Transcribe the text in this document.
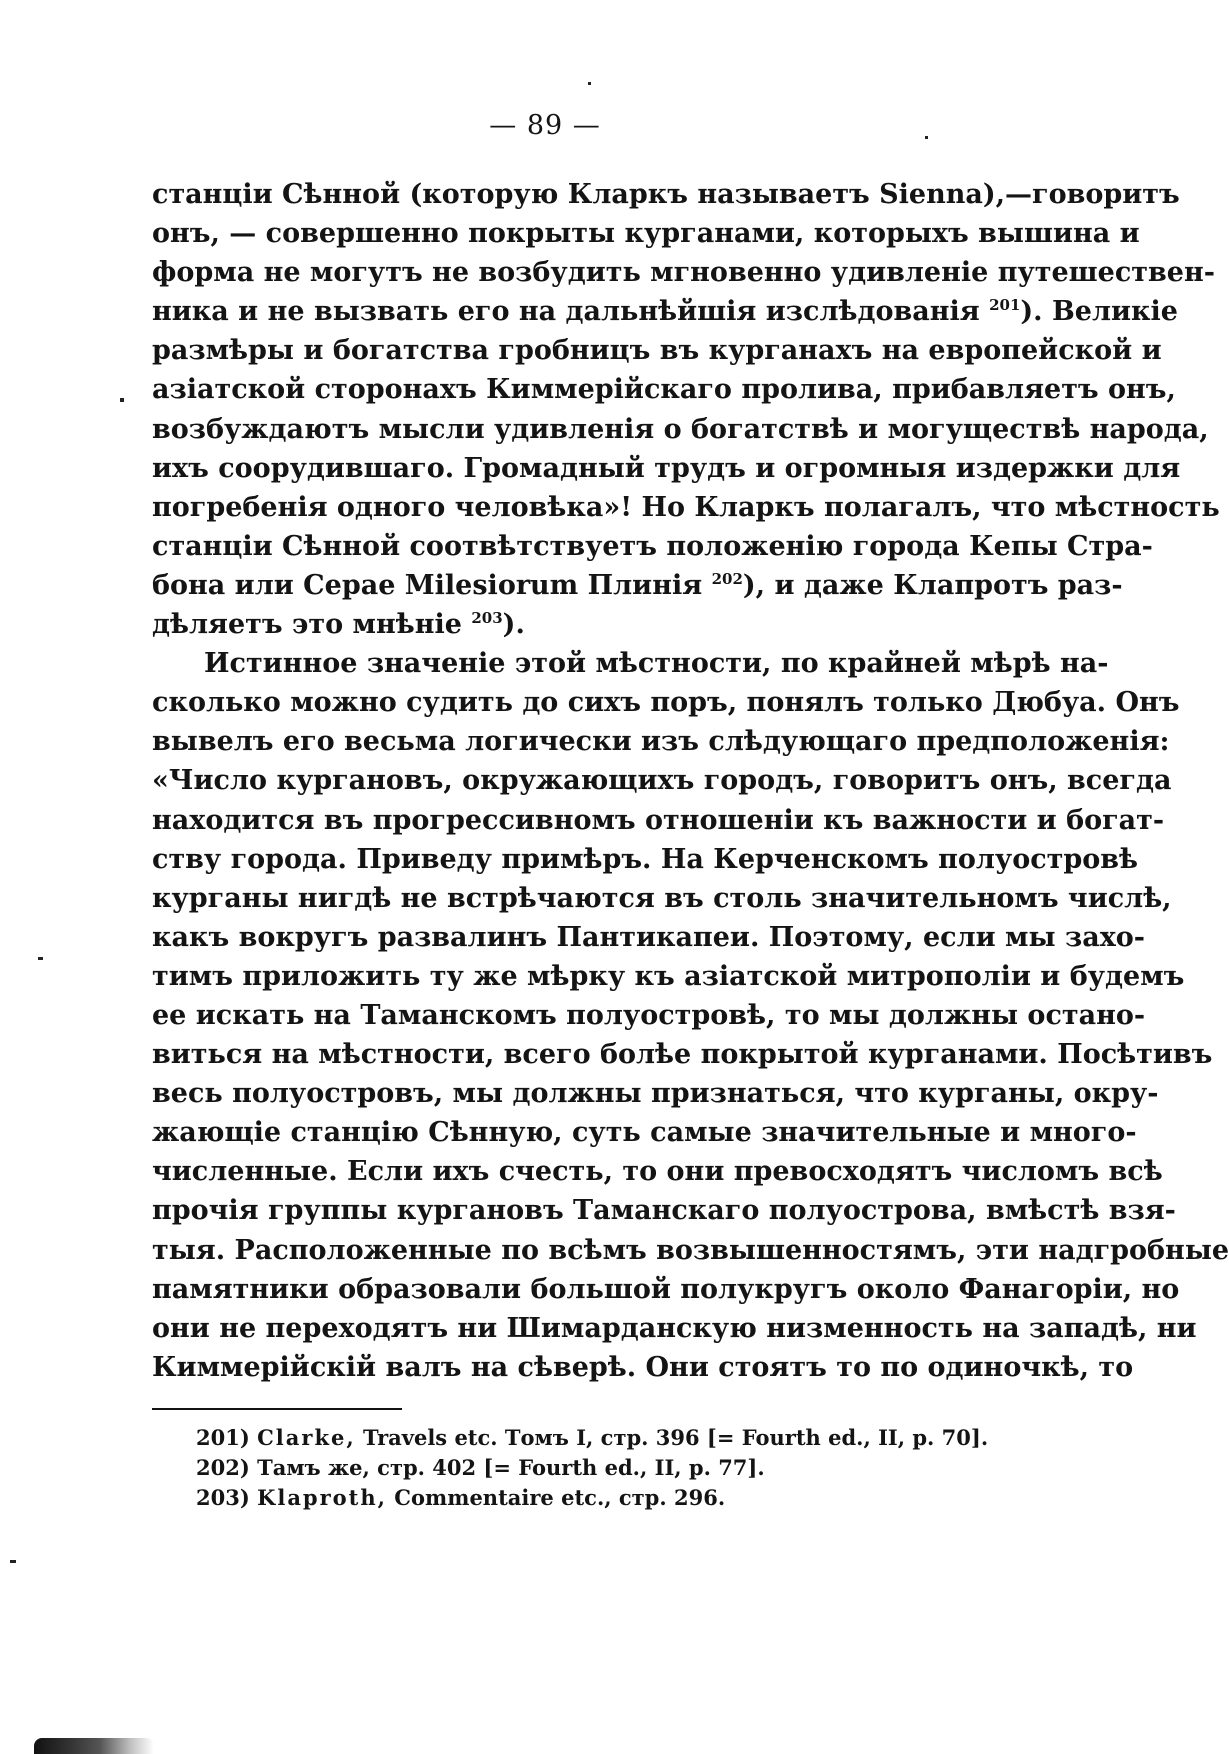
— 89 —
станціи Сѣнной (которую Кларкъ называетъ Sienna),—говоритъ
онъ, — совершенно покрыты курганами, которыхъ вышина и
форма не могутъ не возбудить мгновенно удивленіе путешествен-
ника и не вызвать его на дальнѣйшія изслѣдованія $^{201}$). Великіе
размѣры и богатства гробницъ въ курганахъ на европейской и
азіатской сторонахъ Киммерійскаго пролива, прибавляетъ онъ,
возбуждаютъ мысли удивленія о богатствѣ и могуществѣ народа,
ихъ соорудившаго. Громадный трудъ и огромныя издержки для
погребенія одного человѣка»! Но Кларкъ полагалъ, что мѣстность
станціи Сѣнной соотвѣтствуетъ положенію города Кепы Стра-
бона или Cepae Milesiorum Плинія $^{202}$), и даже Клапротъ раз-
дѣляетъ это мнѣніе $^{203}$).
Истинное значеніе этой мѣстности, по крайней мѣрѣ на-
сколько можно судить до сихъ поръ, понялъ только Дюбуа. Онъ
вывелъ его весьма логически изъ слѣдующаго предположенія:
«Число кургановъ, окружающихъ городъ, говоритъ онъ, всегда
находится въ прогрессивномъ отношеніи къ важности и богат-
ству города. Приведу примѣръ. На Керченскомъ полуостровѣ
курганы нигдѣ не встрѣчаются въ столь значительномъ числѣ,
какъ вокругъ развалинъ Пантикапеи. Поэтому, если мы захо-
тимъ приложить ту же мѣрку къ азіатской митрополіи и будемъ
ее искать на Таманскомъ полуостровѣ, то мы должны остано-
виться на мѣстности, всего болѣе покрытой курганами. Посѣтивъ
весь полуостровъ, мы должны признаться, что курганы, окру-
жающіе станцію Сѣнную, суть самые значительные и много-
численные. Если ихъ счесть, то они превосходятъ числомъ всѣ
прочія группы кургановъ Таманскаго полуострова, вмѣстѣ взя-
тыя. Расположенные по всѣмъ возвышенностямъ, эти надгробные
памятники образовали большой полукругъ около Фанагоріи, но
они не переходятъ ни Шимарданскую низменность на западѣ, ни
Киммерійскій валъ на сѣверѣ. Они стоятъ то по одиночкѣ, то
201) Clarke, Travels etc. Томъ I, стр. 396 [= Fourth ed., II, p. 70].
202) Тамъ же, стр. 402 [= Fourth ed., II, p. 77].
203) Klaproth, Commentaire etc., стр. 296.
